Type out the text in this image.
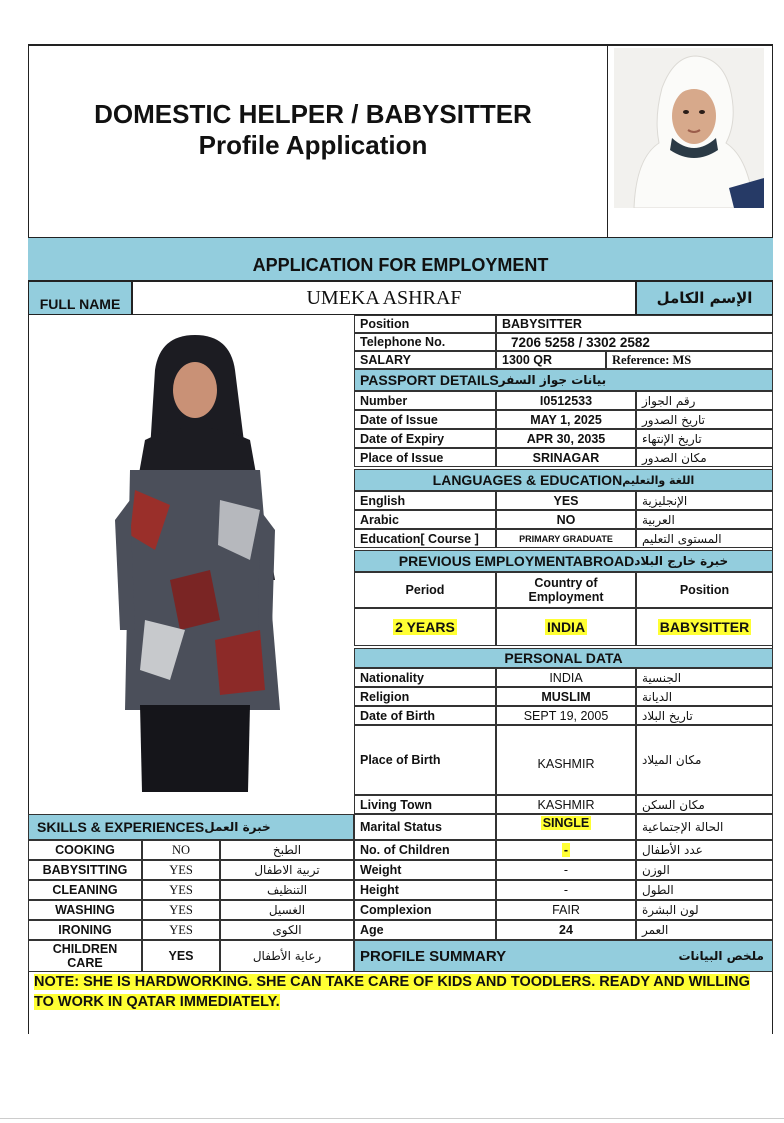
DOMESTIC HELPER / BABYSITTER
Profile Application
APPLICATION FOR EMPLOYMENT
FULL NAME	UMEKA ASHRAF	الإسم الكامل
Position	BABYSITTER
Telephone No.	7206 5258 / 3302 2582
SALARY	1300 QR	Reference: MS
PASSPORT DETAILS بيانات جواز السفر
Number	I0512533	رقم الجواز
Date of Issue	MAY 1, 2025	تاريخ الصدور
Date of Expiry	APR 30, 2035	تاريخ الإنتهاء
Place of Issue	SRINAGAR	مكان الصدور
LANGUAGES & EDUCATION اللغة والتعليم
English	YES	الإنجليزية
Arabic	NO	العربية
Education[ Course ]	PRIMARY GRADUATE	المستوى التعليم
PREVIOUS EMPLOYMENTABROAD خبرة خارج البلاد
Period	Country of Employment	Position
2 YEARS	INDIA	BABYSITTER
PERSONAL DATA
Nationality	INDIA	الجنسية
Religion	MUSLIM	الديانة
Date of Birth	SEPT 19, 2005	تاريخ البلاد
Place of Birth	KASHMIR	مكان الميلاد
Living Town	KASHMIR	مكان السكن
Marital Status	SINGLE	الحالة الإجتماعية
No. of Children	-	عدد الأطفال
Weight	-	الوزن
Height	-	الطول
Complexion	FAIR	لون البشرة
Age	24	العمر
PROFILE SUMMARY	ملخص البيانات
SKILLS & EXPERIENCES خبرة العمل
COOKING	NO	الطبخ
BABYSITTING	YES	تربية الاطفال
CLEANING	YES	التنظيف
WASHING	YES	الغسيل
IRONING	YES	الكوى
CHILDREN CARE	YES	رعاية الأطفال
NOTE: SHE IS HARDWORKING. SHE CAN TAKE CARE OF KIDS AND TOODLERS. READY AND WILLING TO WORK IN QATAR IMMEDIATELY.
